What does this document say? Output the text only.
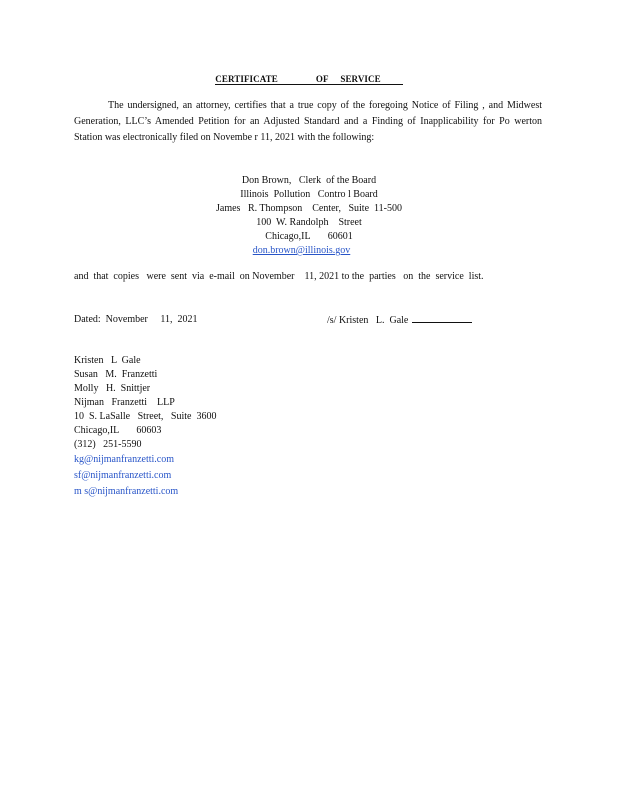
CERTIFICATE	OF SERVICE
The undersigned, an attorney, certifies that a true copy of the foregoing Notice of Filing , and Midwest Generation, LLC’s Amended Petition for an Adjusted Standard and a Finding of Inapplicability for Po werton Station was electronically filed on Novembe r 11, 2021 with the following:
Don Brown,   Clerk  of the Board
Illinois  Pollution   Contro l Board
James   R. Thompson    Center,   Suite  11-500
100  W. Randolph    Street
Chicago,IL       60601
don.brown@illinois.gov
and  that  copies   were  sent  via  e-mail  on November    11, 2021 to the  parties   on  the  service  list.
Dated:  November     11,  2021	/s/ Kristen   L.  Gale
Kristen   L  Gale
Susan   M.  Franzetti
Molly   H.  Snittjer
Nijman   Franzetti    LLP
10  S. LaSalle   Street,   Suite  3600
Chicago,IL       60603
(312)   251-5590
kg@nijmanfranzetti.com
sf@nijmanfranzetti.com
m s@nijmanfranzetti.com
